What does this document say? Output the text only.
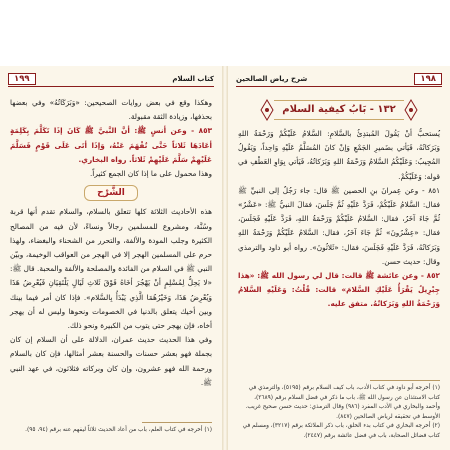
كتاب السلام
١٩٩	١٩٨
شرح رياض الصالحين

وهكذا وقع في بعض روايات الصحيحين: «وَبَرَكَاتُهُ» وفي بعضها بحذفها، وزيادة الثقة مقبولة.

٨٥٣ - وعن أنسٍ ﷺ: أنَّ النَّبيَّ ﷺ كَانَ إذَا تَكَلَّمَ بِكَلِمَةٍ أعَادَهَا ثَلاثاً حَتَّى تُفْهَمَ عَنْهُ، وَإذَا أتَى عَلَى قَوْمٍ فَسَلَّمَ عَلَيْهِمْ سَلَّمَ عَلَيْهِمْ ثَلاثاً. رواه البخاري.

وهذا محمول على ما إذا كان الجمع كثيراً.

الشَّرْح

هذه الأحاديث الثلاثة كلها تتعلق بالسلام، والسلام تقدم أنها قربة وسُنَّة، ومشروع للمسلمين رجالاً ونساءً، لأن فيه من المصالح الكثيرة وجلب المودة والألفة، والتحرر من الشحناء والبغضاء، ولهذا حرم على المسلمين الهجر إلا في الهجر من العواقب الوخيمة، وبيّن النبي ﷺ في السلام من الفائدة والمصلحة والألفة والمحبة. قال ﷺ: «لا يَحِلُّ لِمُسْلِمٍ أنْ يَهْجُرَ أخَاهُ فَوْقَ ثَلاثِ لَيَالٍ يَلْتَقِيَانِ فَيُعْرِضُ هَذَا وَيُعْرِضُ هَذَا، وَخَيْرُهُمَا الَّذِي يَبْدَأُ بِالسَّلام». فإذا كان أمر فيما بينك وبين أخيك يتعلق بالدنيا في الخصومات ونحوها وليس له أن يهجر أخاه، فإن يهجر حتى يتوب من الكبيرة ونحو ذلك.

وفي هذا الحديث حديث عمران، الدلالة على أن السلام إن كان بجملة فهو بعشر حسنات والحسنة بعشر أمثالها، فإن كان بالسلام ورحمة الله فهو عشرون، وإن كان وبركاته فثلاثون، في عهد النبي ﷺ.

١٣٢ - بَابُ كيفية السلام

يُستحبُّ أنْ يَقُولَ المُبتدِئُ بالسَّلامِ: السَّلامُ عَلَيْكُمْ وَرَحْمَةُ اللهِ وَبَرَكاتُهُ، فَيَأتي بضَميرِ الجَمْعِ وَإنْ كانَ المُسَلَّمُ عَلَيْهِ وَاحِداً، وَيَقُولُ المُجِيبُ: وَعَلَيْكُمُ السَّلامُ وَرَحْمَةُ اللهِ وَبَرَكاتُهُ، فَيَأتي بِوَاوِ العَطْفِ في قوله: وَعَلَيْكُمْ.

٨٥١ - وعن عِمرانَ بنِ الحصين ﷺ قال: جاء رَجُلٌ إلى النبيِّ ﷺ فقال: السَّلامُ عَلَيْكُمْ، فَرَدَّ عَلَيْهِ ثُمَّ جَلَسَ، فقالَ النبيُّ ﷺ: «عَشْرٌ» ثُمَّ جَاءَ آخَرُ، فقال: السَّلامُ عَلَيْكُمْ وَرَحْمَةُ اللهِ، فَرَدَّ عَلَيْهِ فَجَلَسَ، فقال: «عِشْرُونَ» ثُمَّ جَاءَ آخَرُ، فقال: السَّلامُ عَلَيْكُمْ وَرَحْمَةُ اللهِ وَبَرَكاتُهُ، فَرَدَّ عَلَيْهِ فَجَلَسَ، فقال: «ثَلاثُونَ». رواه أبو داود والترمذي وقال: حديث حسن.

٨٥٢ - وعن عائشة ﷺ قالت: قال لي رسول الله ﷺ: «هذا جِبْرِيلُ يَقْرَأُ عَلَيْكِ السَّلامَ» قالت: قُلْتُ: وَعَلَيْهِ السَّلامُ وَرَحْمَةُ اللهِ وَبَرَكاتُهُ. متفق عليه.

(١) أخرجه في كتاب العلم، باب من أعاد الحديث ثلاثاً ليفهم عنه برقم (٩٤، ٩٥).

(١) أخرجه أبو داود في كتاب الأدب، باب كيف السلام برقم (٥١٩٥)، والترمذي في كتاب الاستئذان عن رسول الله ﷺ، باب ما ذكر في فضل السلام برقم (٢٦٨٩)، وأحمد والبخاري في الأدب المفرد (٩٨٦) وقال الترمذي: حديث حسن صحيح غريب. الأوسط في تحقيقه لرياض الصالحين (٨٤٧).

(٢) أخرجه البخاري في كتاب بدء الخلق، باب ذكر الملائكة برقم (٣٢١٧)، ومسلم في كتاب فضائل الصحابة، باب في فضل عائشة برقم (٢٤٤٧).
